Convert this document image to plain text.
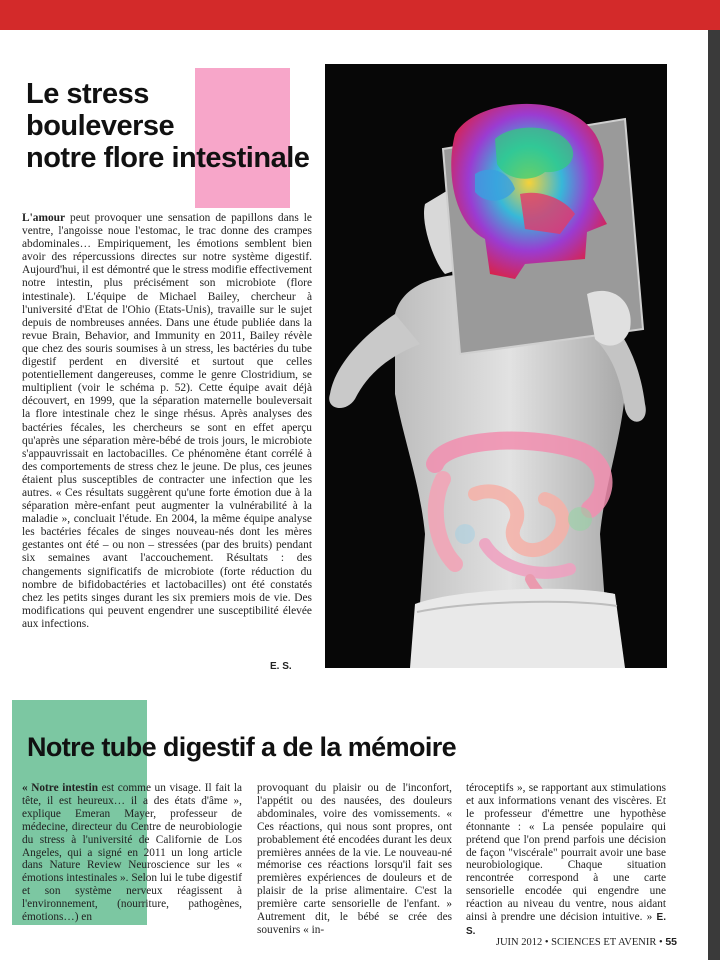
Le stress
bouleverse
notre flore intestinale
L'amour peut provoquer une sensation de papillons dans le ventre, l'angoisse noue l'estomac, le trac donne des crampes abdominales… Empiriquement, les émotions semblent bien avoir des répercussions directes sur notre système digestif. Aujourd'hui, il est démontré que le stress modifie effectivement notre intestin, plus précisément son microbiote (flore intestinale). L'équipe de Michael Bailey, chercheur à l'université d'Etat de l'Ohio (Etats-Unis), travaille sur le sujet depuis de nombreuses années. Dans une étude publiée dans la revue Brain, Behavior, and Immunity en 2011, Bailey révèle que chez des souris soumises à un stress, les bactéries du tube digestif perdent en diversité et surtout que celles potentiellement dangereuses, comme le genre Clostridium, se multiplient (voir le schéma p. 52). Cette équipe avait déjà découvert, en 1999, que la séparation maternelle bouleversait la flore intestinale chez le singe rhésus. Après analyses des bactéries fécales, les chercheurs se sont en effet aperçu qu'après une séparation mère-bébé de trois jours, le microbiote s'appauvrissait en lactobacilles. Ce phénomène étant corrélé à des comportements de stress chez le jeune. De plus, ces jeunes étaient plus susceptibles de contracter une infection que les autres. « Ces résultats suggèrent qu'une forte émotion due à la séparation mère-enfant peut augmenter la vulnérabilité à la maladie », concluait l'étude. En 2004, la même équipe analyse les bactéries fécales de singes nouveau-nés dont les mères gestantes ont été – ou non – stressées (par des bruits) pendant six semaines avant l'accouchement. Résultats : des changements significatifs de microbiote (forte réduction du nombre de bifidobactéries et lactobacilles) ont été constatés chez les petits singes durant les six premiers mois de vie. Des modifications qui peuvent engendrer une susceptibilité élevée aux infections.
E. S.
Notre tube digestif a de la mémoire
« Notre intestin est comme un visage. Il fait la tête, il est heureux… il a des états d'âme », explique Emeran Mayer, professeur de médecine, directeur du Centre de neurobiologie du stress à l'université de Californie de Los Angeles, qui a signé en 2011 un long article dans Nature Review Neuroscience sur les « émotions intestinales ». Selon lui le tube digestif et son système nerveux réagissent à l'environnement, (nourriture, pathogènes, émotions…) en
provoquant du plaisir ou de l'inconfort, l'appétit ou des nausées, des douleurs abdominales, voire des vomissements. « Ces réactions, qui nous sont propres, ont probablement été encodées durant les deux premières années de la vie. Le nouveau-né mémorise ces réactions lorsqu'il fait ses premières expériences de douleurs et de plaisir de la prise alimentaire. C'est la première carte sensorielle de l'enfant. » Autrement dit, le bébé se crée des souvenirs « in-
téroceptifs », se rapportant aux stimulations et aux informations venant des viscères. Et le professeur d'émettre une hypothèse étonnante : « La pensée populaire qui prétend que l'on prend parfois une décision de façon "viscérale" pourrait avoir une base neurobiologique. Chaque situation rencontrée correspond à une carte sensorielle encodée qui engendre une réaction au niveau du ventre, nous aidant ainsi à prendre une décision intuitive. » E. S.
JUIN 2012 • SCIENCES ET AVENIR • 55
